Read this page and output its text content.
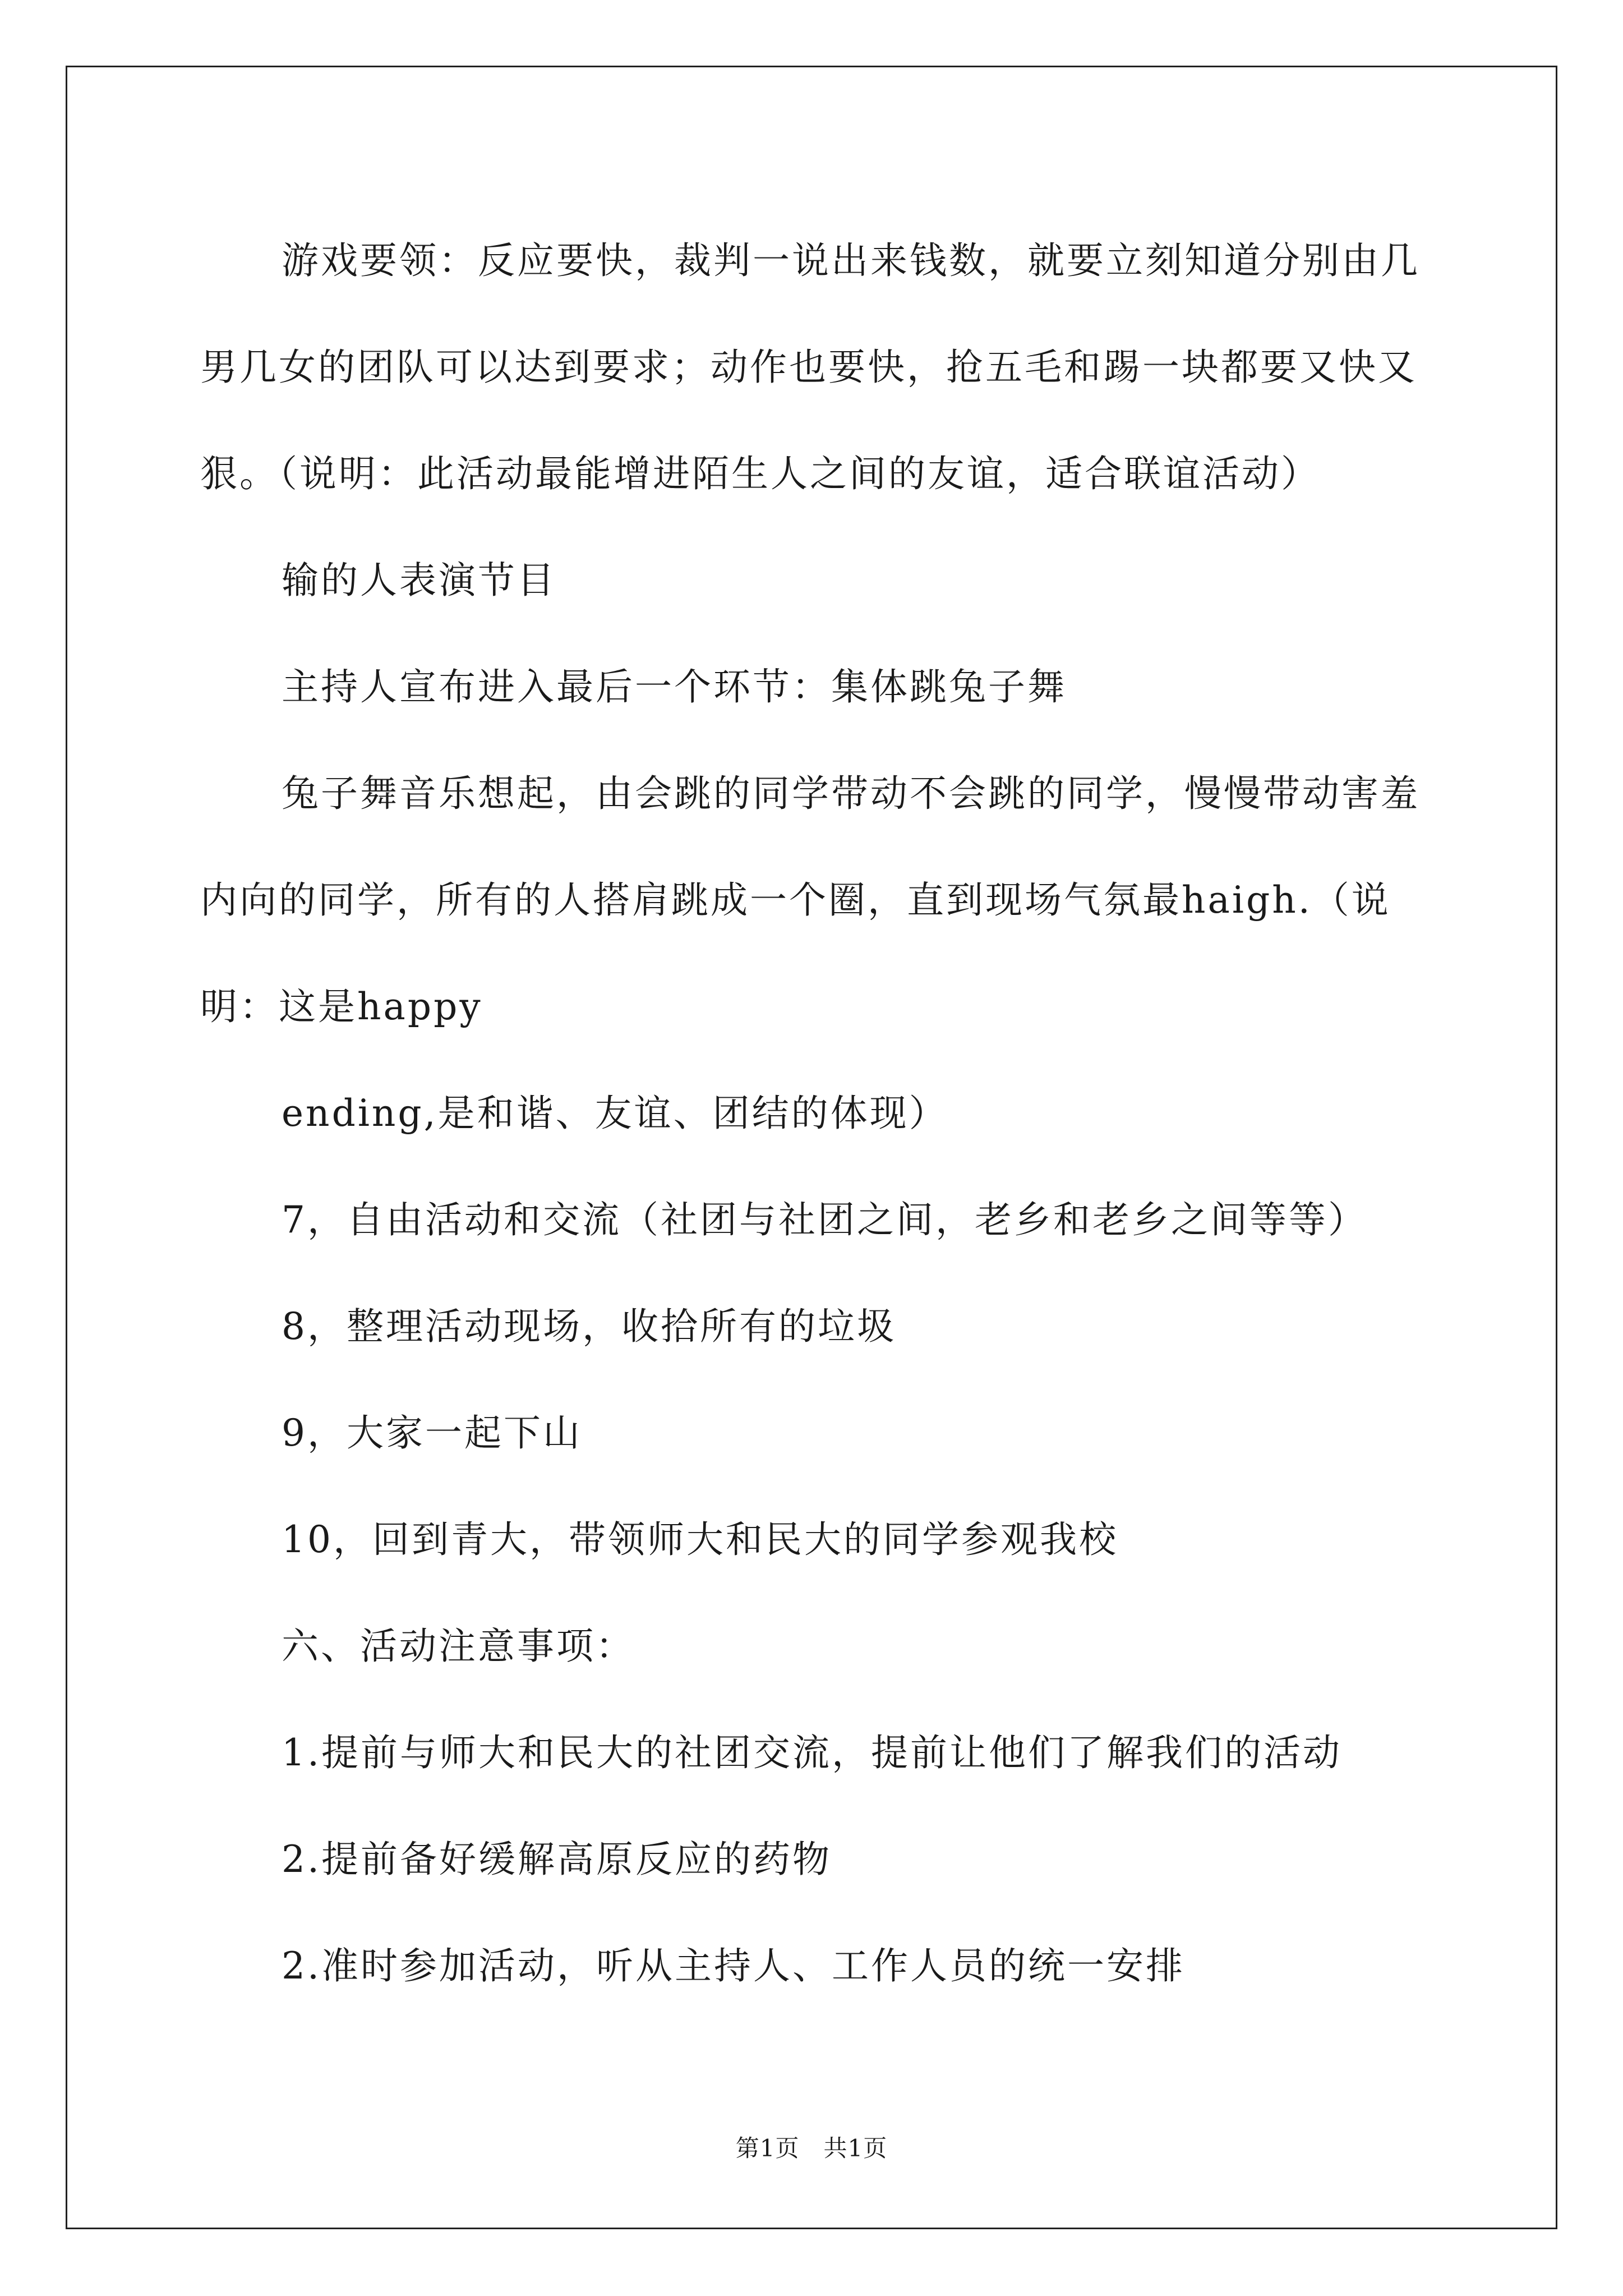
游戏要领：反应要快，裁判一说出来钱数，就要立刻知道分别由几男几女的团队可以达到要求；动作也要快，抢五毛和踢一块都要又快又狠。（说明：此活动最能增进陌生人之间的友谊，适合联谊活动）

输的人表演节目

主持人宣布进入最后一个环节：集体跳兔子舞

兔子舞音乐想起，由会跳的同学带动不会跳的同学，慢慢带动害羞内向的同学，所有的人搭肩跳成一个圈，直到现场气氛最haigh.（说明：这是happy

ending,是和谐、友谊、团结的体现）

7，自由活动和交流（社团与社团之间，老乡和老乡之间等等）

8，整理活动现场，收拾所有的垃圾

9，大家一起下山

10，回到青大，带领师大和民大的同学参观我校

六、活动注意事项：

1.提前与师大和民大的社团交流，提前让他们了解我们的活动

2.提前备好缓解高原反应的药物

2.准时参加活动，听从主持人、工作人员的统一安排

第1页　共1页
